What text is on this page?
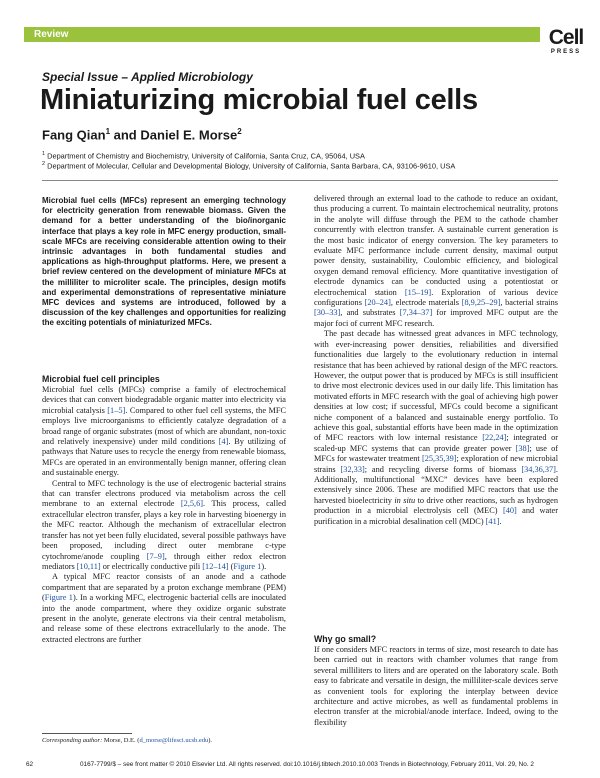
Review	Cell
PRESS
Special Issue – Applied Microbiology
Miniaturizing microbial fuel cells
Fang Qian$^1$ and Daniel E. Morse$^2$
$^1$ Department of Chemistry and Biochemistry, University of California, Santa Cruz, CA, 95064, USA
$^2$ Department of Molecular, Cellular and Developmental Biology, University of California, Santa Barbara, CA, 93106-9610, USA
Microbial fuel cells (MFCs) represent an emerging technology for electricity generation from renewable biomass. Given the demand for a better understanding of the bio/inorganic interface that plays a key role in MFC energy production, small-scale MFCs are receiving considerable attention owing to their intrinsic advantages in both fundamental studies and applications as high-throughput platforms. Here, we present a brief review centered on the development of miniature MFCs at the milliliter to microliter scale. The principles, design motifs and experimental demonstrations of representative miniature MFC devices and systems are introduced, followed by a discussion of the key challenges and opportunities for realizing the exciting potentials of miniaturized MFCs.
Microbial fuel cell principles

Microbial fuel cells (MFCs) comprise a family of electrochemical devices that can convert biodegradable organic matter into electricity via microbial catalysis [1–5]. Compared to other fuel cell systems, the MFC employs live microorganisms to efficiently catalyze degradation of a broad range of organic substrates (most of which are abundant, non-toxic and relatively inexpensive) under mild conditions [4]. By utilizing of pathways that Nature uses to recycle the energy from renewable biomass, MFCs are operated in an environmentally benign manner, offering clean and sustainable energy.

Central to MFC technology is the use of electrogenic bacterial strains that can transfer electrons produced via metabolism across the cell membrane to an external electrode [2,5,6]. This process, called extracellular electron transfer, plays a key role in harvesting bioenergy in the MFC reactor. Although the mechanism of extracellular electron transfer has not yet been fully elucidated, several possible pathways have been proposed, including direct outer membrane c-type cytochrome/anode coupling [7–9], through either redox electron mediators [10,11] or electrically conductive pili [12–14] (Figure 1).

A typical MFC reactor consists of an anode and a cathode compartment that are separated by a proton exchange membrane (PEM) (Figure 1). In a working MFC, electrogenic bacterial cells are inoculated into the anode compartment, where they oxidize organic substrate present in the anolyte, generate electrons via their central metabolism, and release some of these electrons extracellularly to the anode. The extracted electrons are further

delivered through an external load to the cathode to reduce an oxidant, thus producing a current. To maintain electrochemical neutrality, protons in the anolyte will diffuse through the PEM to the cathode chamber concurrently with electron transfer. A sustainable current generation is the most basic indicator of energy conversion. The key parameters to evaluate MFC performance include current density, maximal output power density, sustainability, Coulombic efficiency, and biological oxygen demand removal efficiency. More quantitative investigation of electrode dynamics can be conducted using a potentiostat or electrochemical station [15–19]. Exploration of various device configurations [20–24], electrode materials [8,9,25–29], bacterial strains [30–33], and substrates [7,34–37] for improved MFC output are the major foci of current MFC research.

The past decade has witnessed great advances in MFC technology, with ever-increasing power densities, reliabilities and diversified functionalities due largely to the evolutionary reduction in internal resistance that has been achieved by rational design of the MFC reactors. However, the output power that is produced by MFCs is still insufficient to drive most electronic devices used in our daily life. This limitation has motivated efforts in MFC research with the goal of achieving high power densities at low cost; if successful, MFCs could become a significant niche component of a balanced and sustainable energy portfolio. To achieve this goal, substantial efforts have been made in the optimization of MFC reactors with low internal resistance [22,24]; integrated or scaled-up MFC systems that can provide greater power [38]; use of MFCs for wastewater treatment [25,35,39]; exploration of new microbial strains [32,33]; and recycling diverse forms of biomass [34,36,37]. Additionally, multifunctional “MXC” devices have been explored extensively since 2006. These are modified MFC reactors that use the harvested bioelectricity in situ to drive other reactions, such as hydrogen production in a microbial electrolysis cell (MEC) [40] and water purification in a microbial desalination cell (MDC) [41].

Why go small?

If one considers MFC reactors in terms of size, most research to date has been carried out in reactors with chamber volumes that range from several milliliters to liters and are operated on the laboratory scale. Both easy to fabricate and versatile in design, the milliliter-scale devices serve as convenient tools for exploring the interplay between device architecture and active microbes, as well as fundamental problems in electron transfer at the microbial/anode interface. Indeed, owing to the flexibility

Corresponding author: Morse, D.E. (d_morse@lifesci.ucsb.edu).
62	0167-7799/$ – see front matter © 2010 Elsevier Ltd. All rights reserved. doi:10.1016/j.tibtech.2010.10.003 Trends in Biotechnology, February 2011, Vol. 29, No. 2
